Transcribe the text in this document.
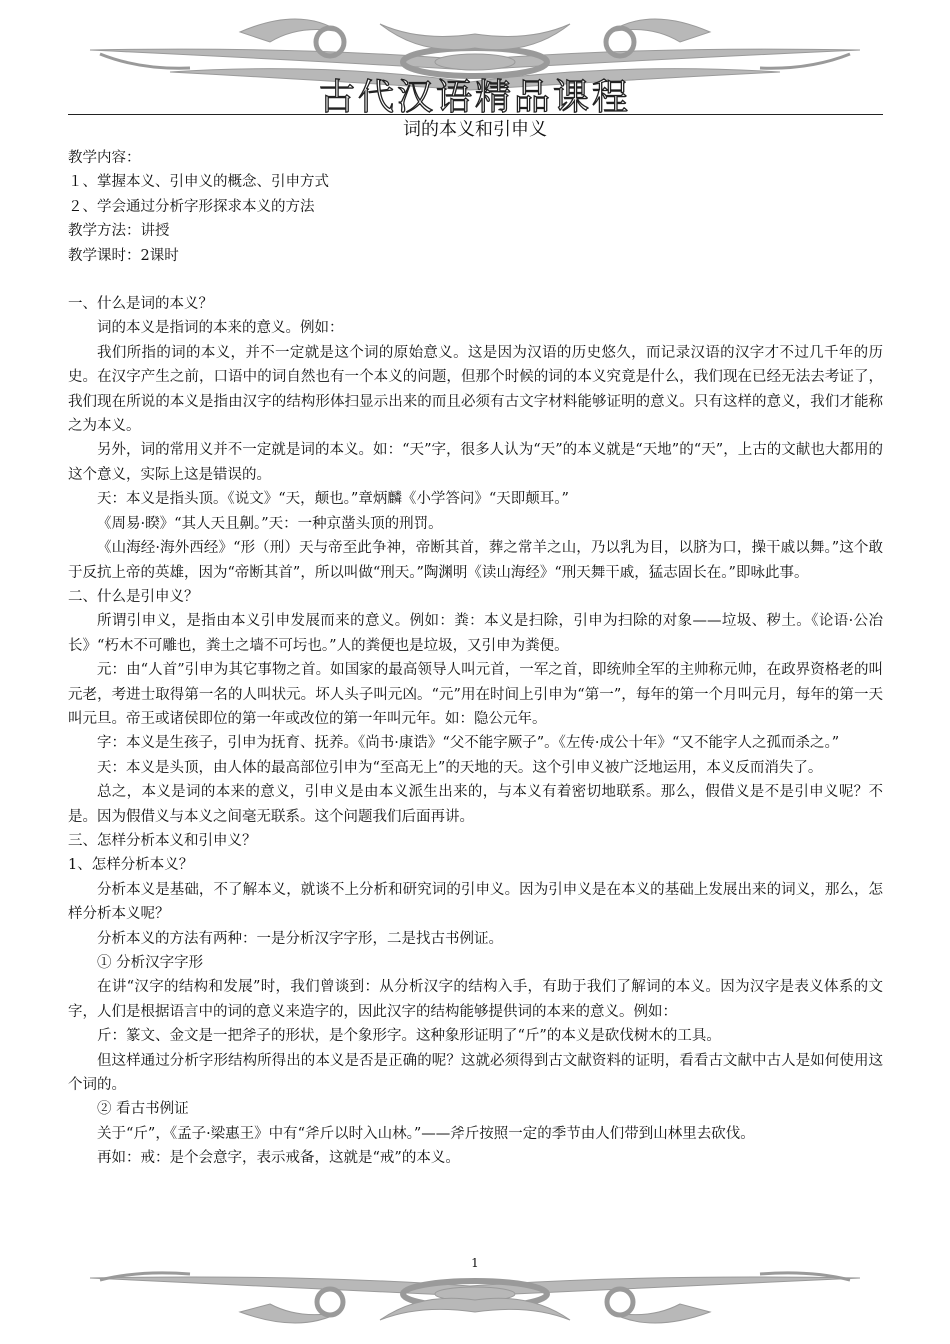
古代汉语精品课程
词的本义和引申义

教学内容：

１、掌握本义、引申义的概念、引申方式

２、学会通过分析字形探求本义的方法

教学方法：讲授

教学课时：2课时

一、什么是词的本义？

词的本义是指词的本来的意义。例如：

我们所指的词的本义，并不一定就是这个词的原始意义。这是因为汉语的历史悠久，而记录汉语的汉字才不过几千年的历史。在汉字产生之前，口语中的词自然也有一个本义的问题，但那个时候的词的本义究竟是什么，我们现在已经无法去考证了，我们现在所说的本义是指由汉字的结构形体扫显示出来的而且必须有古文字材料能够证明的意义。只有这样的意义，我们才能称之为本义。

另外，词的常用义并不一定就是词的本义。如：“天”字，很多人认为“天”的本义就是“天地”的“天”，上古的文献也大都用的这个意义，实际上这是错误的。

天：本义是指头顶。《说文》“天，颠也。”章炳麟《小学答问》“天即颠耳。”

《周易·睽》“其人天且劓。”天：一种京凿头顶的刑罚。

《山海经·海外西经》“形（刑）天与帝至此争神，帝断其首，葬之常羊之山，乃以乳为目，以脐为口，操干戚以舞。”这个敢于反抗上帝的英雄，因为“帝断其首”，所以叫做“刑天。”陶渊明《读山海经》“刑天舞干戚，猛志固长在。”即咏此事。

二、什么是引申义？

所谓引申义，是指由本义引申发展而来的意义。例如：粪：本义是扫除，引申为扫除的对象——垃圾、秽土。《论语·公冶长》“朽木不可雕也，粪土之墙不可圬也。”人的粪便也是垃圾，又引申为粪便。

元：由“人首”引申为其它事物之首。如国家的最高领导人叫元首，一军之首，即统帅全军的主帅称元帅，在政界资格老的叫元老，考进士取得第一名的人叫状元。坏人头子叫元凶。“元”用在时间上引申为“第一”，每年的第一个月叫元月，每年的第一天叫元旦。帝王或诸侯即位的第一年或改位的第一年叫元年。如：隐公元年。

字：本义是生孩子，引申为抚育、抚养。《尚书·康诰》“父不能字厥子”。《左传·成公十年》“又不能字人之孤而杀之。”

天：本义是头顶，由人体的最高部位引申为“至高无上”的天地的天。这个引申义被广泛地运用，本义反而消失了。

总之，本义是词的本来的意义，引申义是由本义派生出来的，与本义有着密切地联系。那么，假借义是不是引申义呢？不是。因为假借义与本义之间毫无联系。这个问题我们后面再讲。

三、怎样分析本义和引申义？

1、怎样分析本义？

分析本义是基础，不了解本义，就谈不上分析和研究词的引申义。因为引申义是在本义的基础上发展出来的词义，那么，怎样分析本义呢？

分析本义的方法有两种：一是分析汉字字形，二是找古书例证。

① 分析汉字字形

在讲“汉字的结构和发展”时，我们曾谈到：从分析汉字的结构入手，有助于我们了解词的本义。因为汉字是表义体系的文字，人们是根据语言中的词的意义来造字的，因此汉字的结构能够提供词的本来的意义。例如：

斤：篆文、金文是一把斧子的形状，是个象形字。这种象形证明了“斤”的本义是砍伐树木的工具。

但这样通过分析字形结构所得出的本义是否是正确的呢？这就必须得到古文献资料的证明，看看古文献中古人是如何使用这个词的。

② 看古书例证

关于“斤”，《孟子·梁惠王》中有“斧斤以时入山林。”——斧斤按照一定的季节由人们带到山林里去砍伐。

再如：戒：是个会意字，表示戒备，这就是“戒”的本义。

1
